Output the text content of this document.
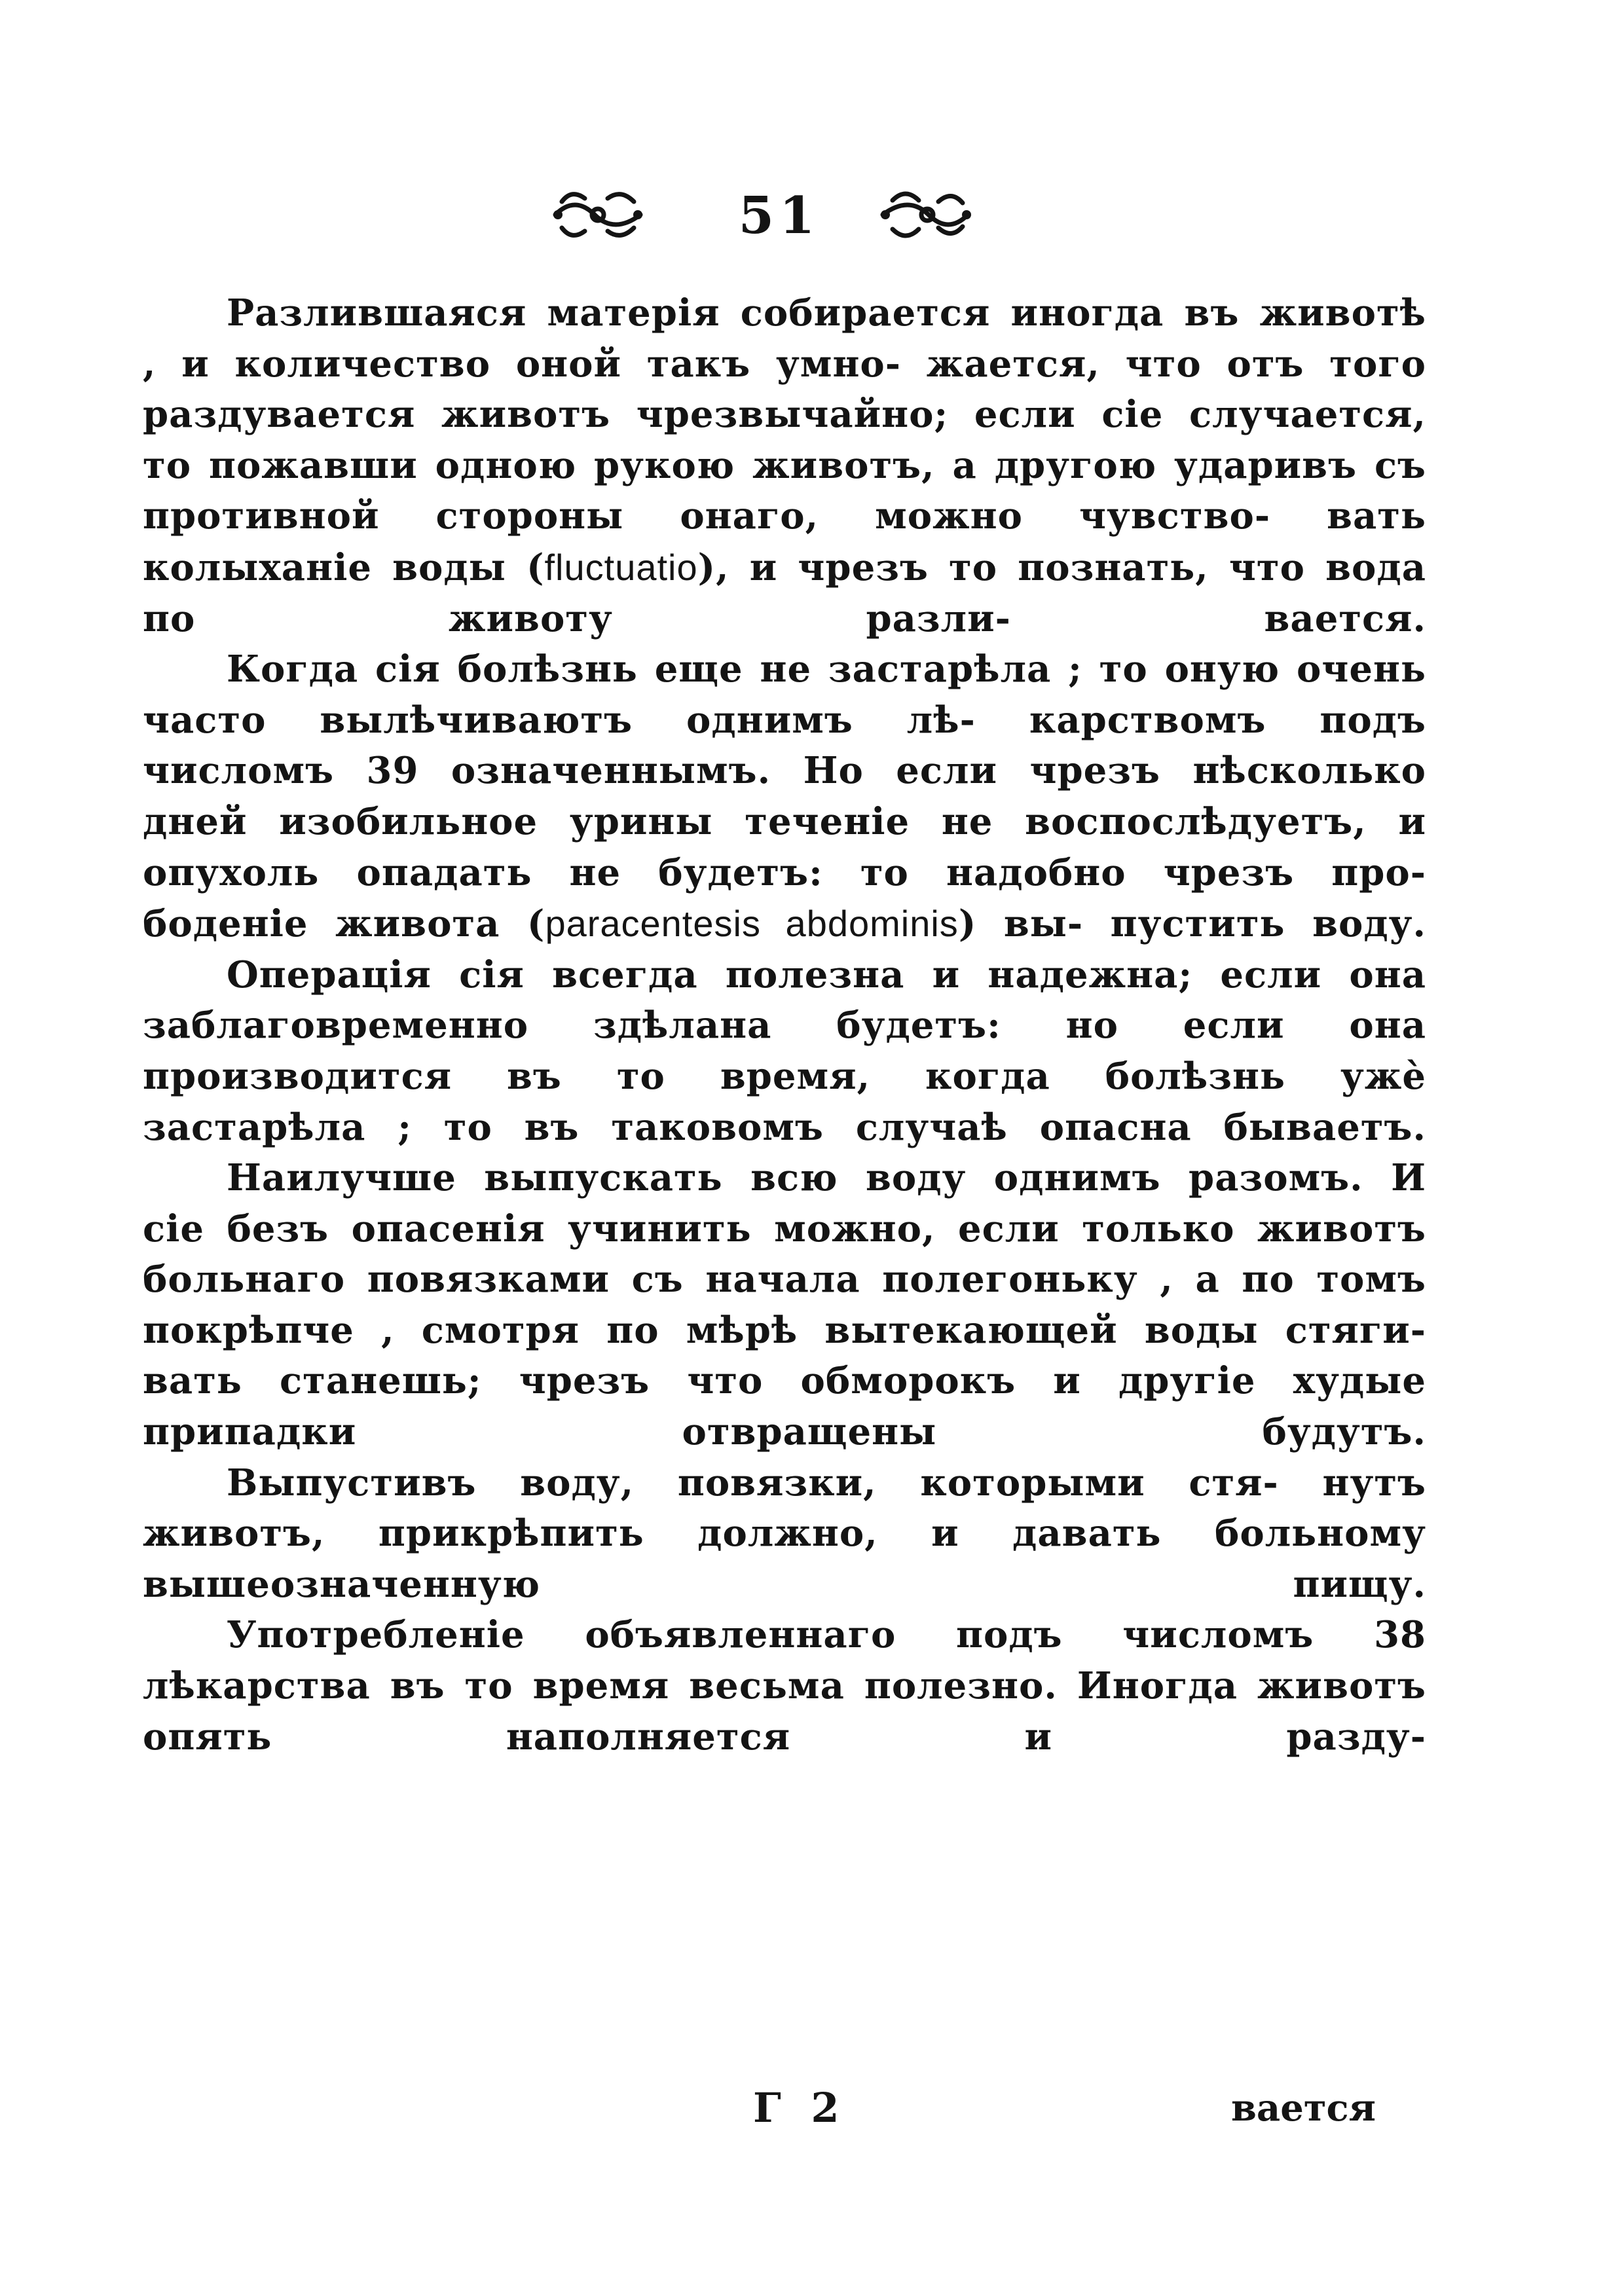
51

Разлившаяся матерія собирается иногда въ животѣ , и количество оной такъ умно- жается, что отъ того раздувается животъ чрезвычайно; если сіе случается, то пожавши одною рукою животъ, а другою ударивъ съ противной стороны онаго, можно чувство- вать колыханіе воды (fluctuatio), и чрезъ то познать, что вода по животу разли-	вается.

Когда сія болѣзнь еще не застарѣла ; то оную очень часто вылѣчиваютъ однимъ лѣ- карствомъ подъ числомъ 39 означеннымъ. Но если чрезъ нѣсколько дней изобильное урины теченіе не воспослѣдуетъ, и опухоль опадать не будетъ: то надобно чрезъ про- боденіе живота (paracentesis abdominis) вы- пустить воду.

Операція сія всегда полезна и надежна; если она заблаговременно здѣлана будетъ: но если она производится въ то время, когда болѣзнь ужѐ застарѣла ; то въ таковомъ случаѣ опасна бываетъ.

Наилучше выпускать всю воду однимъ разомъ. И сіе безъ опасенія учинить можно, если только животъ больнаго повязками съ начала полегоньку , а по томъ покрѣпче , смотря по мѣрѣ вытекающей воды стяги- вать станешь; чрезъ что обморокъ и другіе худые припадки отвращены будутъ.

Выпустивъ воду, повязки, которыми стя- нутъ животъ, прикрѣпить должно, и давать больному вышеозначенную пищу.

Употребленіе объявленнаго подъ числомъ 38 лѣкарства въ то время весьма полезно. Иногда животъ опять наполняется и разду-

Г 2	вается
